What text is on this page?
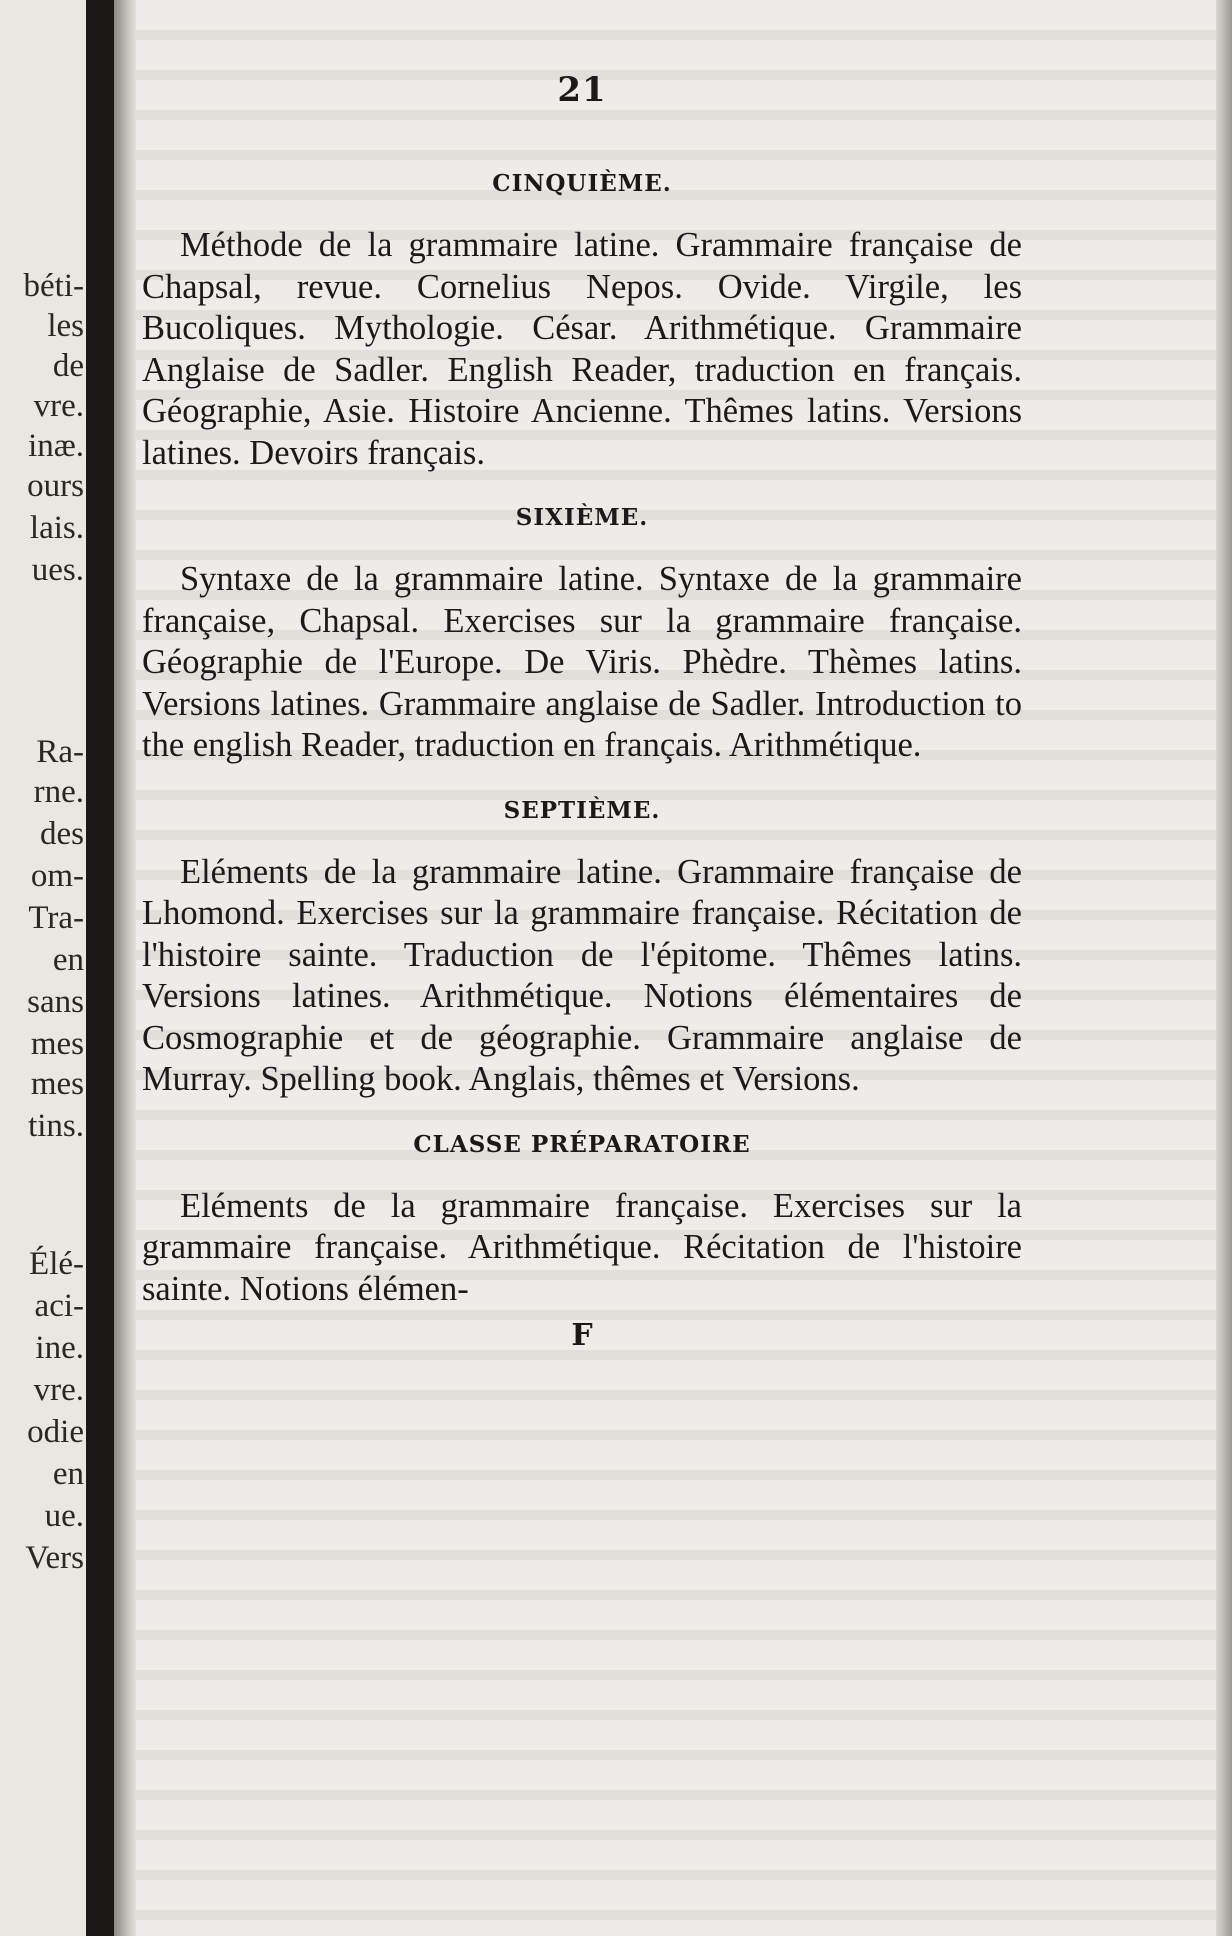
béti-
les
de
vre.
inæ.
ours
lais.
ues.
Ra-
rne.
des
om-
Tra-
en
sans
mes
mes
tins.
Élé-
aci-
ine.
vre.
odie
en
ue.
Vers
21
CINQUIÈME.

Méthode de la grammaire latine. Grammaire française de Chapsal, revue. Cornelius Nepos. Ovide. Virgile, les Bucoliques. Mythologie. César. Arithmétique. Grammaire Anglaise de Sadler. English Reader, traduction en français. Géographie, Asie. Histoire Ancienne. Thêmes latins. Versions latines. Devoirs français.

SIXIÈME.

Syntaxe de la grammaire latine. Syntaxe de la grammaire française, Chapsal. Exercises sur la grammaire française. Géographie de l'Europe. De Viris. Phèdre. Thèmes latins. Versions latines. Grammaire anglaise de Sadler. Introduction to the english Reader, traduction en français. Arithmétique.

SEPTIÈME.

Eléments de la grammaire latine. Grammaire française de Lhomond. Exercises sur la grammaire française. Récitation de l'histoire sainte. Traduction de l'épitome. Thêmes latins. Versions latines. Arithmétique. Notions élémentaires de Cosmographie et de géographie. Grammaire anglaise de Murray. Spelling book. Anglais, thêmes et Versions.

CLASSE PRÉPARATOIRE

Eléments de la grammaire française. Exercises sur la grammaire française. Arithmétique. Récitation de l'histoire sainte. Notions élémen-

F
